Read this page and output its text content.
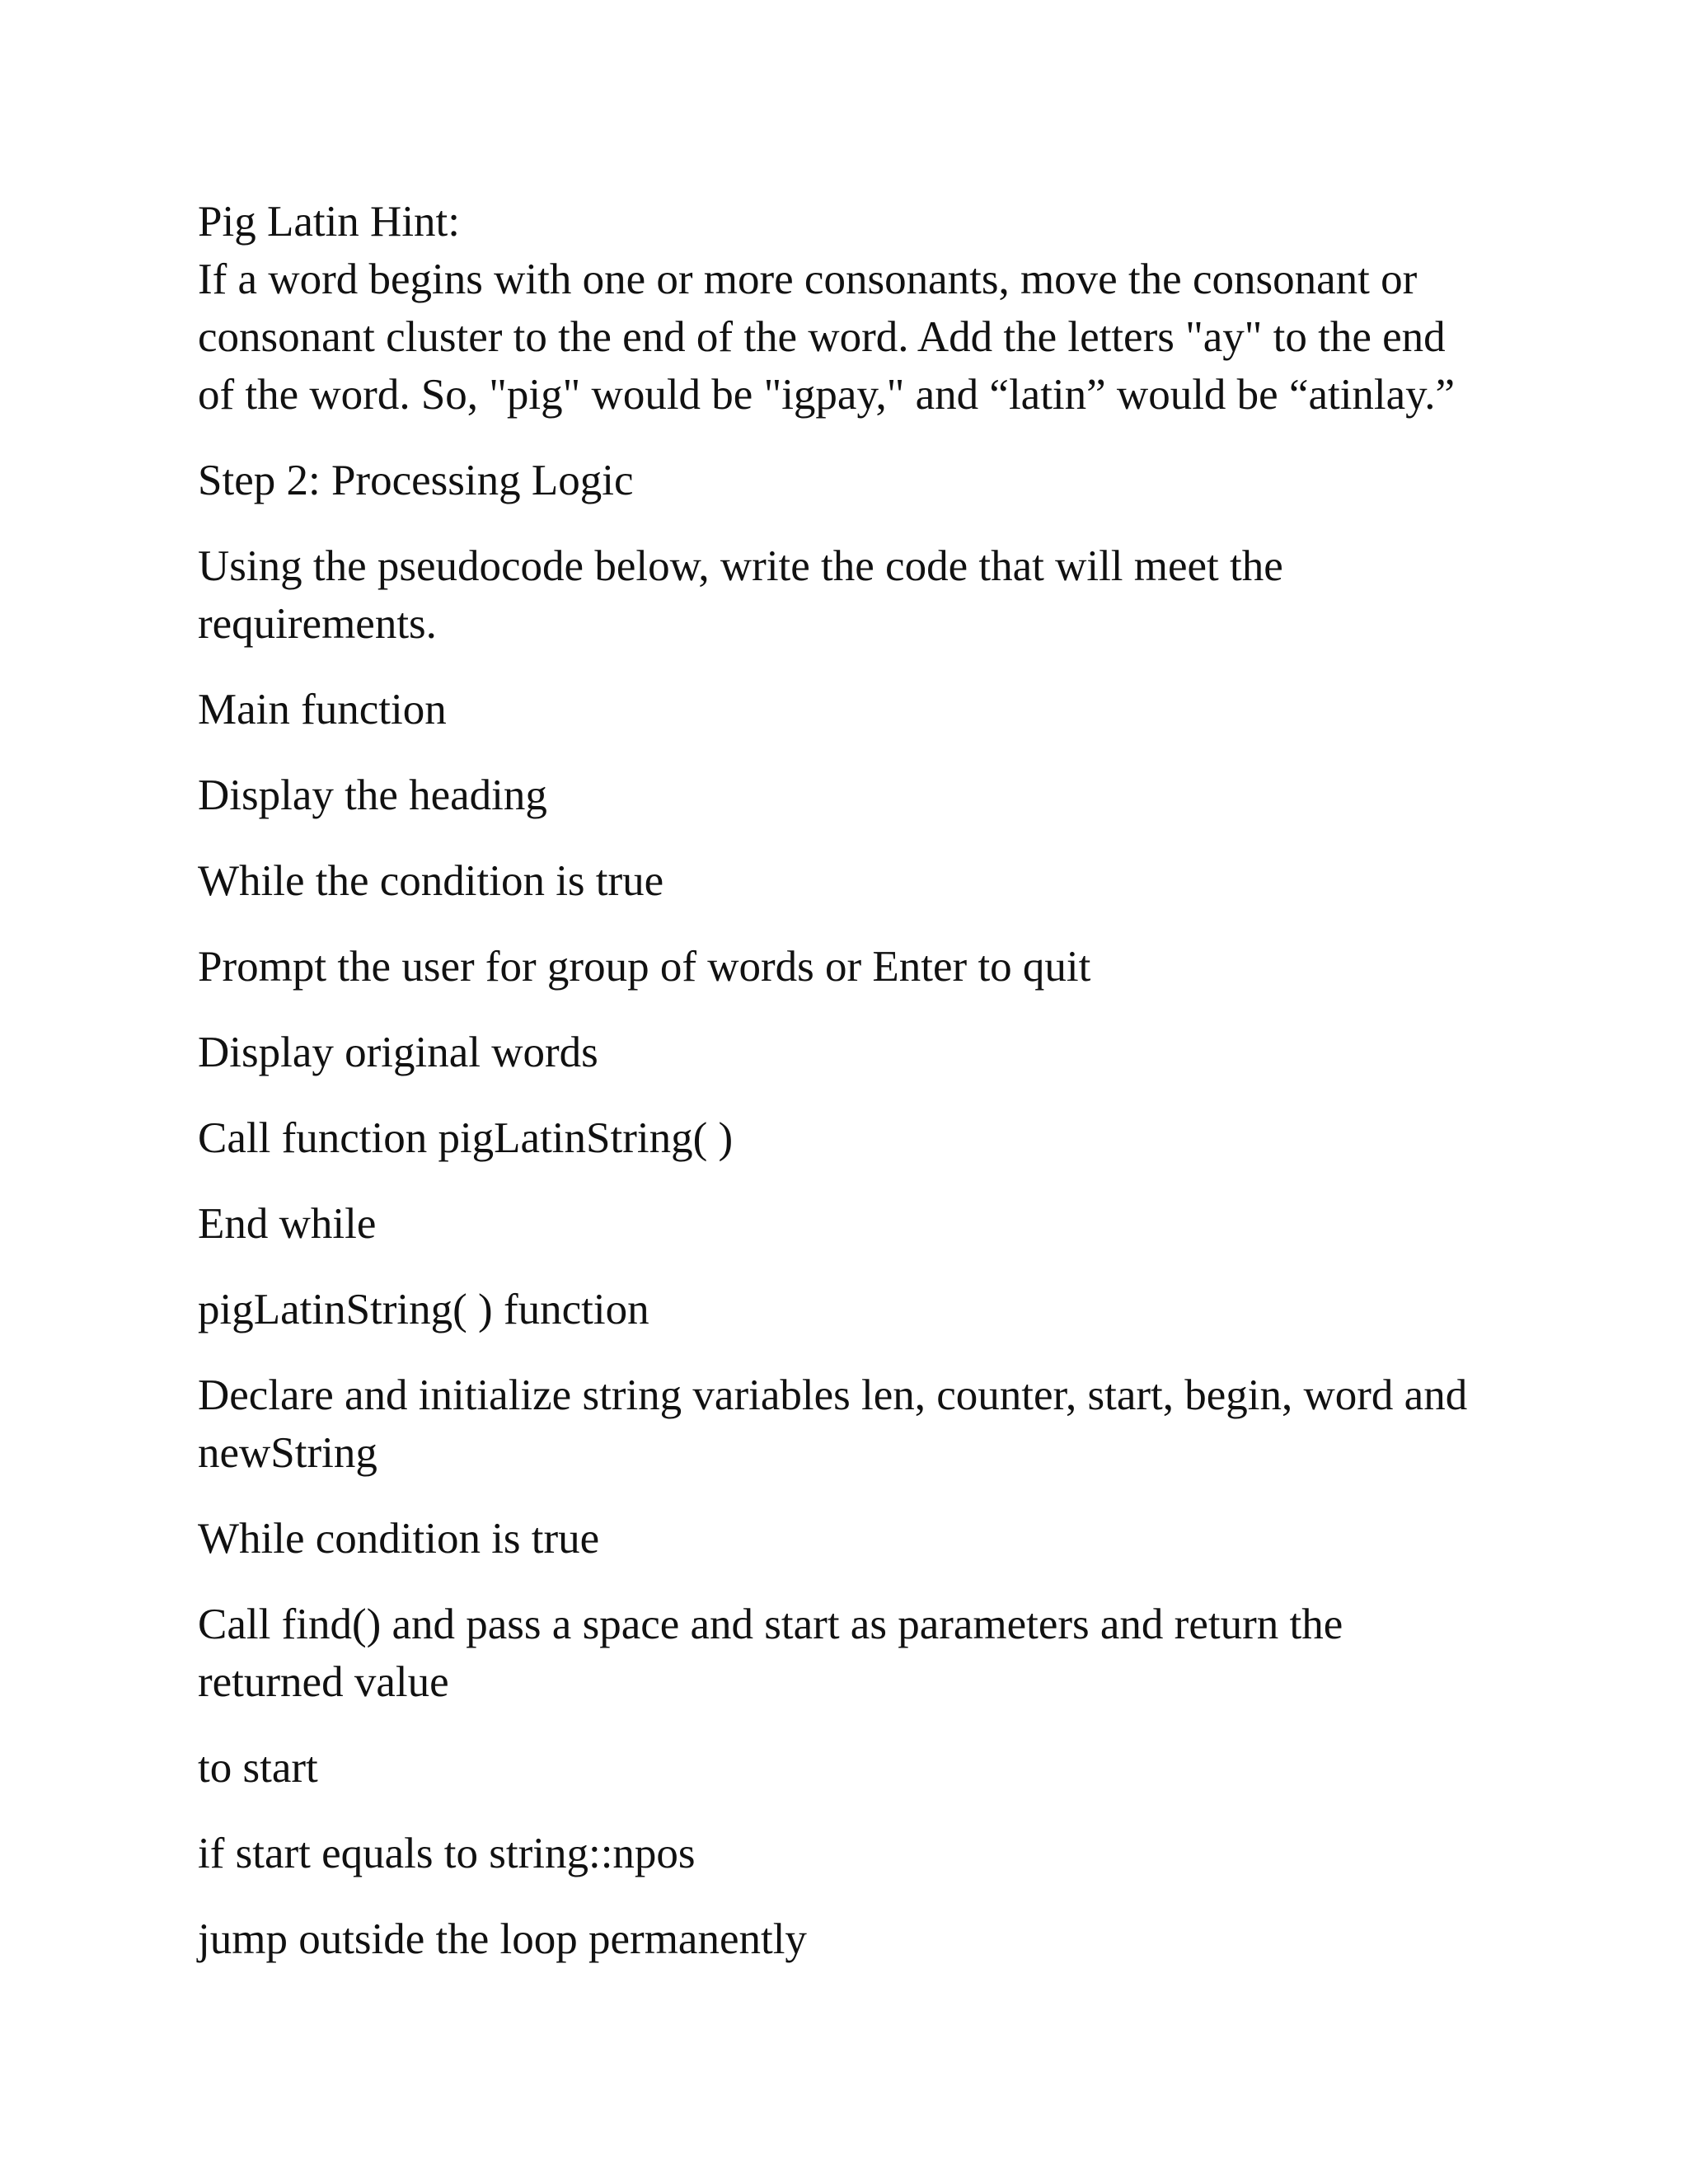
Pig Latin Hint:
If a word begins with one or more consonants, move the consonant or
consonant cluster to the end of the word. Add the letters "ay" to the end
of the word. So, "pig" would be "igpay," and “latin” would be “atinlay.”
Step 2: Processing Logic
Using the pseudocode below, write the code that will meet the
requirements.
Main function
Display the heading
While the condition is true
Prompt the user for group of words or Enter to quit
Display original words
Call function pigLatinString( )
End while
pigLatinString( ) function
Declare and initialize string variables len, counter, start, begin, word and
newString
While condition is true
Call find() and pass a space and start as parameters and return the
returned value
to start
if start equals to string::npos
jump outside the loop permanently
